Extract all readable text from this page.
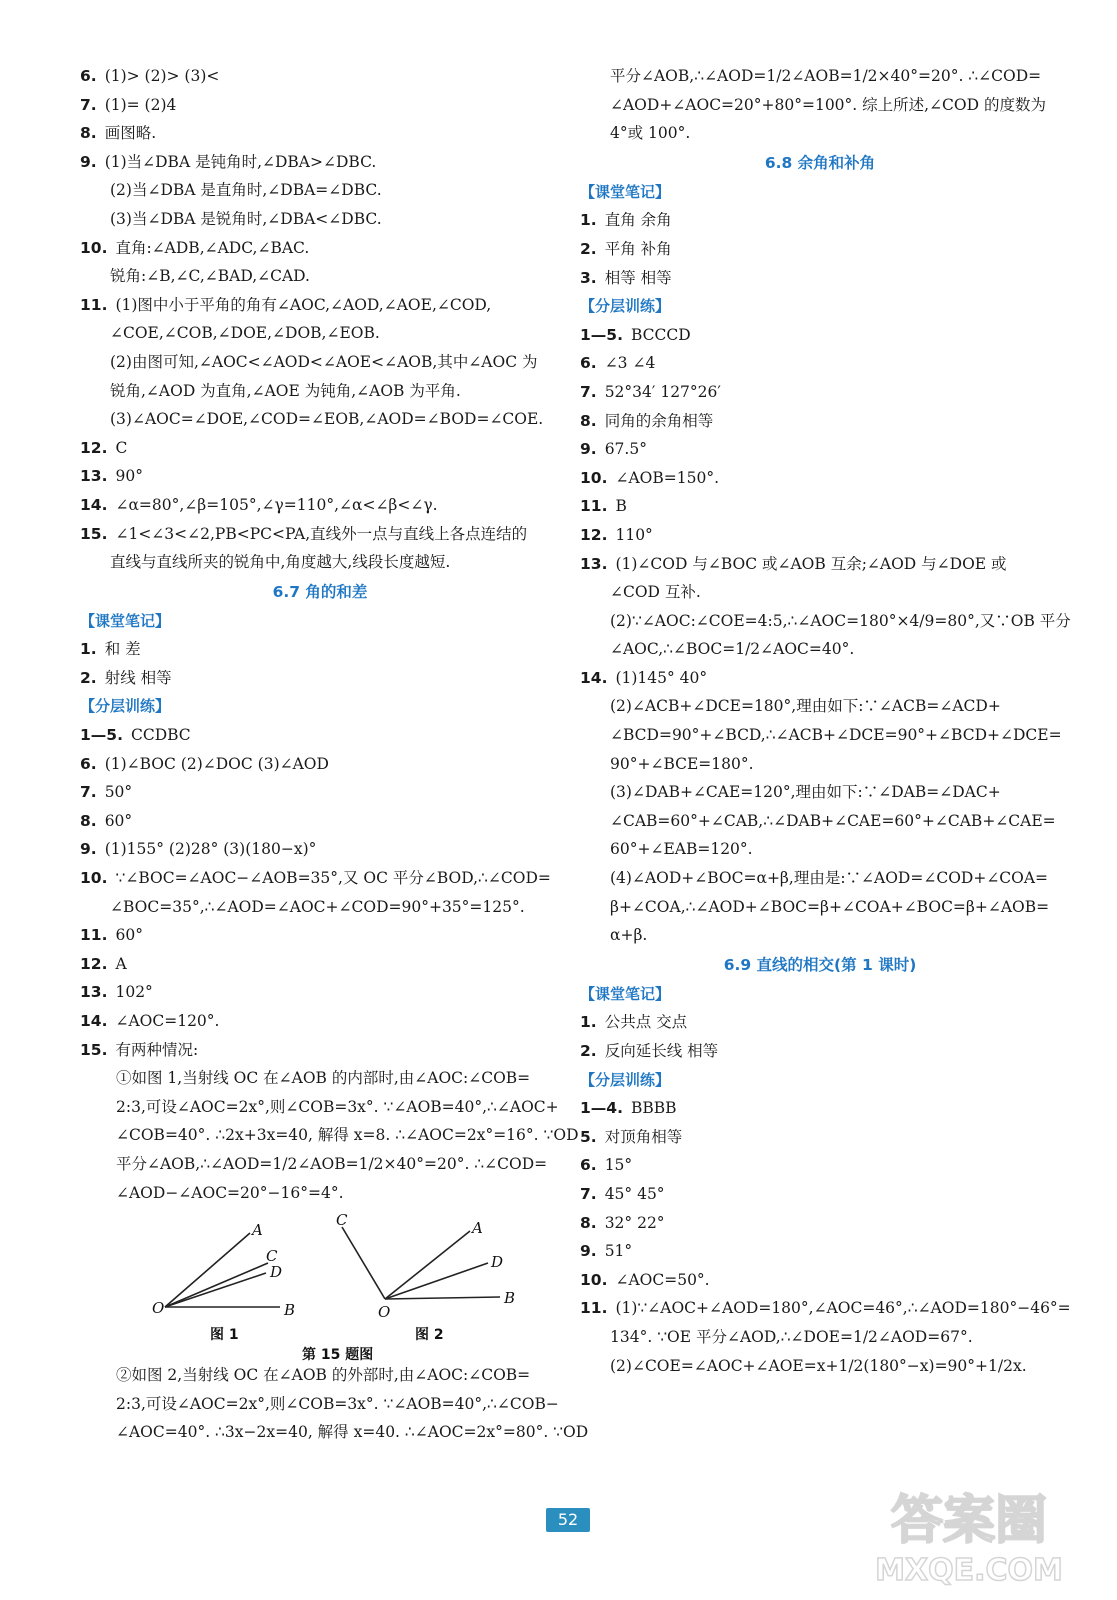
6. (1)> (2)> (3)<
7. (1)= (2)4
8. 画图略.
9. (1)当∠DBA 是钝角时,∠DBA>∠DBC.
(2)当∠DBA 是直角时,∠DBA=∠DBC.
(3)当∠DBA 是锐角时,∠DBA<∠DBC.
10. 直角:∠ADB,∠ADC,∠BAC.
锐角:∠B,∠C,∠BAD,∠CAD.
11. (1)图中小于平角的角有∠AOC,∠AOD,∠AOE,∠COD,
∠COE,∠COB,∠DOE,∠DOB,∠EOB.
(2)由图可知,∠AOC<∠AOD<∠AOE<∠AOB,其中∠AOC 为
锐角,∠AOD 为直角,∠AOE 为钝角,∠AOB 为平角.
(3)∠AOC=∠DOE,∠COD=∠EOB,∠AOD=∠BOD=∠COE.
12. C
13. 90°
14. ∠α=80°,∠β=105°,∠γ=110°,∠α<∠β<∠γ.
15. ∠1<∠3<∠2,PB<PC<PA,直线外一点与直线上各点连结的
直线与直线所夹的锐角中,角度越大,线段长度越短.
6.7 角的和差
【课堂笔记】
1. 和 差
2. 射线 相等
【分层训练】
1—5. CCDBC
6. (1)∠BOC (2)∠DOC (3)∠AOD
7. 50°
8. 60°
9. (1)155° (2)28° (3)(180−x)°
10. ∵∠BOC=∠AOC−∠AOB=35°,又 OC 平分∠BOD,∴∠COD=
∠BOC=35°,∴∠AOD=∠AOC+∠COD=90°+35°=125°.
11. 60°
12. A
13. 102°
14. ∠AOC=120°.
15. 有两种情况:
①如图 1,当射线 OC 在∠AOB 的内部时,由∠AOC:∠COB=
2:3,可设∠AOC=2x°,则∠COB=3x°. ∵∠AOB=40°,∴∠AOC+
∠COB=40°. ∴2x+3x=40, 解得 x=8. ∴∠AOC=2x°=16°. ∵OD
平分∠AOB,∴∠AOD=1/2∠AOB=1/2×40°=20°. ∴∠COD=
∠AOD−∠AOC=20°−16°=4°.
O
A
C
D
B
C	A
D
O
B
图 1	图 2
第 15 题图
②如图 2,当射线 OC 在∠AOB 的外部时,由∠AOC:∠COB=
2:3,可设∠AOC=2x°,则∠COB=3x°. ∵∠AOB=40°,∴∠COB−
∠AOC=40°. ∴3x−2x=40, 解得 x=40. ∴∠AOC=2x°=80°. ∵OD
平分∠AOB,∴∠AOD=1/2∠AOB=1/2×40°=20°. ∴∠COD=
∠AOD+∠AOC=20°+80°=100°. 综上所述,∠COD 的度数为
4°或 100°.
6.8 余角和补角
【课堂笔记】
1. 直角 余角
2. 平角 补角
3. 相等 相等
【分层训练】
1—5. BCCCD
6. ∠3 ∠4
7. 52°34′ 127°26′
8. 同角的余角相等
9. 67.5°
10. ∠AOB=150°.
11. B
12. 110°
13. (1)∠COD 与∠BOC 或∠AOB 互余;∠AOD 与∠DOE 或
∠COD 互补.
(2)∵∠AOC:∠COE=4:5,∴∠AOC=180°×4/9=80°,又∵OB 平分
∠AOC,∴∠BOC=1/2∠AOC=40°.
14. (1)145° 40°
(2)∠ACB+∠DCE=180°,理由如下:∵∠ACB=∠ACD+
∠BCD=90°+∠BCD,∴∠ACB+∠DCE=90°+∠BCD+∠DCE=
90°+∠BCE=180°.
(3)∠DAB+∠CAE=120°,理由如下:∵∠DAB=∠DAC+
∠CAB=60°+∠CAB,∴∠DAB+∠CAE=60°+∠CAB+∠CAE=
60°+∠EAB=120°.
(4)∠AOD+∠BOC=α+β,理由是:∵∠AOD=∠COD+∠COA=
β+∠COA,∴∠AOD+∠BOC=β+∠COA+∠BOC=β+∠AOB=
α+β.
6.9 直线的相交(第 1 课时)
【课堂笔记】
1. 公共点 交点
2. 反向延长线 相等
【分层训练】
1—4. BBBB
5. 对顶角相等
6. 15°
7. 45° 45°
8. 32° 22°
9. 51°
10. ∠AOC=50°.
11. (1)∵∠AOC+∠AOD=180°,∠AOC=46°,∴∠AOD=180°−46°=
134°. ∵OE 平分∠AOD,∴∠DOE=1/2∠AOD=67°.
(2)∠COE=∠AOC+∠AOE=x+1/2(180°−x)=90°+1/2x.
52	答案圈
MXQE.COM
